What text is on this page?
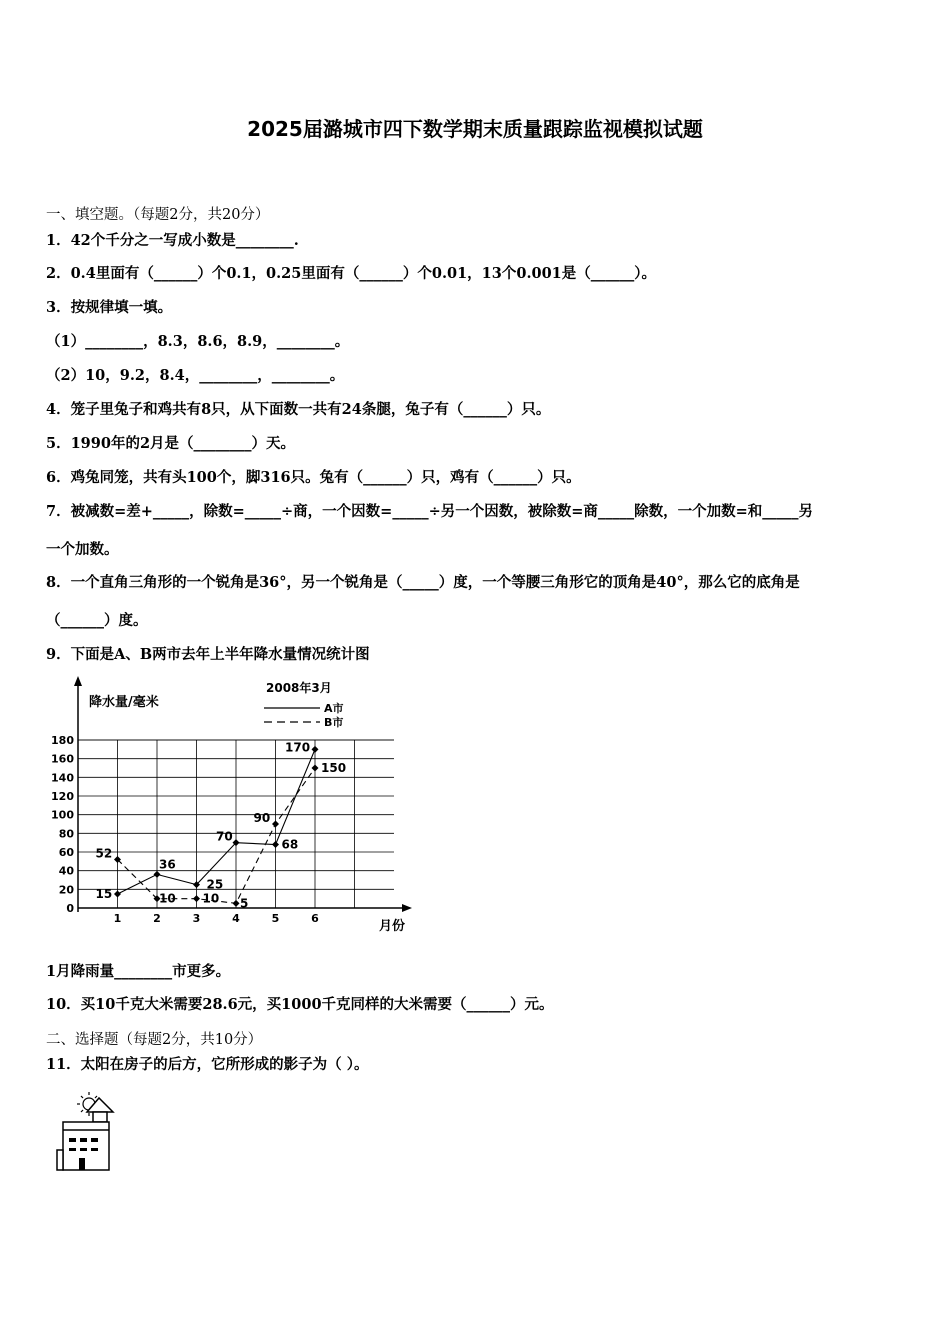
2025届潞城市四下数学期末质量跟踪监视模拟试题
一、填空题。（每题2分，共20分）
1．42个千分之一写成小数是________.
2．0.4里面有（______）个0.1，0.25里面有（______）个0.01，13个0.001是（______）。
3．按规律填一填。
（1）________，8.3，8.6，8.9，________。
（2）10，9.2，8.4，________，________。
4．笼子里兔子和鸡共有8只，从下面数一共有24条腿，兔子有（______）只。
5．1990年的2月是（________）天。
6．鸡兔同笼，共有头100个，脚316只。兔有（______）只，鸡有（______）只。
7．被减数=差+_____，除数=_____÷商，一个因数=_____÷另一个因数，被除数=商_____除数，一个加数=和_____另
一个加数。
8．一个直角三角形的一个锐角是36°，另一个锐角是（_____）度，一个等腰三角形它的顶角是40°，那么它的底角是
（______）度。
9．下面是A、B两市去年上半年降水量情况统计图
降水量/毫米
月份
2008年3月
A市
B市
0
20
40
60
80
100
120
140
160
180
1	2	3	4	5	6
15
36
25
70
68
170
52
10 10 5
90
150
1月降雨量________市更多。
10．买10千克大米需要28.6元，买1000千克同样的大米需要（______）元。
二、选择题（每题2分，共10分）
11．太阳在房子的后方，它所形成的影子为（ ）。
